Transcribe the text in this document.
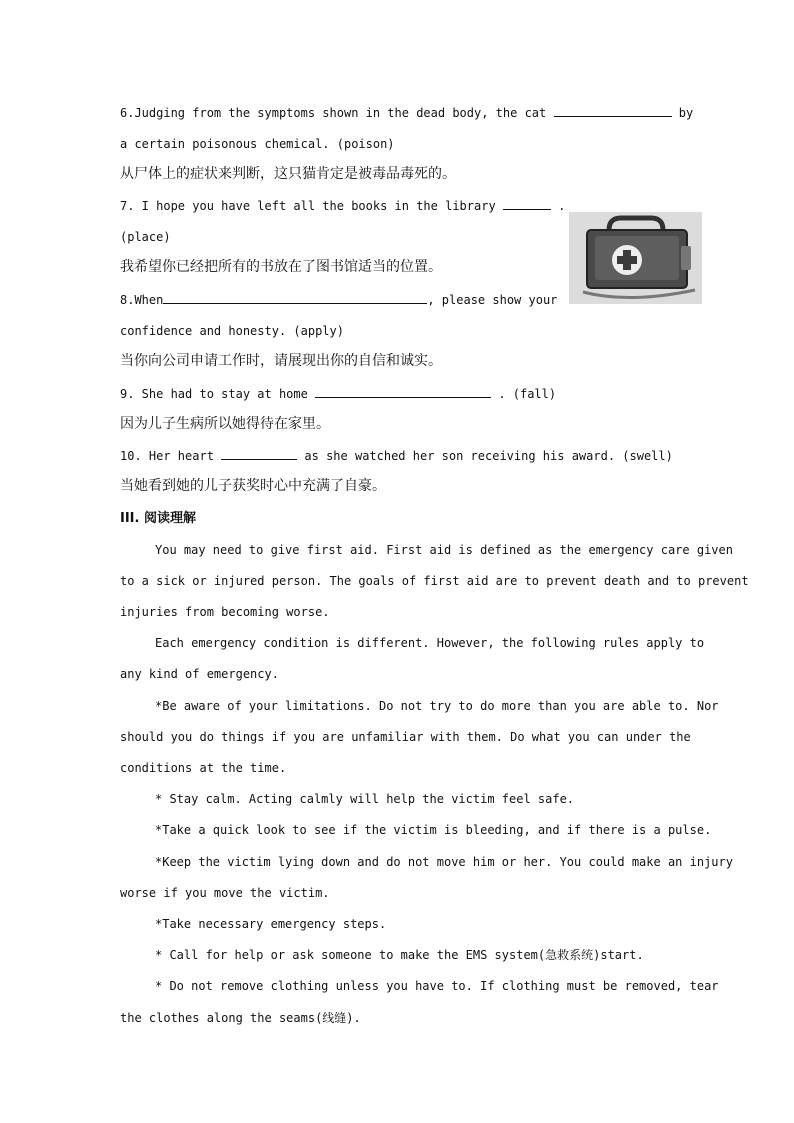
6.Judging from the symptoms shown in the dead body, the cat	by
a certain poisonous chemical. (poison)
从尸体上的症状来判断，这只猫肯定是被毒品毒死的。
7. I hope you have left all the books in the library	.
(place)
我希望你已经把所有的书放在了图书馆适当的位置。
8.When	, please show your
confidence and honesty. (apply)
当你向公司申请工作时，请展现出你的自信和诚实。
9. She had to stay at home	. (fall)
因为儿子生病所以她得待在家里。
10. Her heart	as she watched her son receiving his award. (swell)
当她看到她的儿子获奖时心中充满了自豪。
III. 阅读理解
You may need to give first aid. First aid is defined as the emergency care given
to a sick or injured person. The goals of first aid are to prevent death and to prevent
injuries from becoming worse.
Each emergency condition is different. However, the following rules apply to
any kind of emergency.
*Be aware of your limitations. Do not try to do more than you are able to. Nor
should you do things if you are unfamiliar with them. Do what you can under the
conditions at the time.
* Stay calm. Acting calmly will help the victim feel safe.
*Take a quick look to see if the victim is bleeding, and if there is a pulse.
*Keep the victim lying down and do not move him or her. You could make an injury
worse if you move the victim.
*Take necessary emergency steps.
* Call for help or ask someone to make the EMS system(急救系统)start.
* Do not remove clothing unless you have to. If clothing must be removed, tear
the clothes along the seams(线缝).
